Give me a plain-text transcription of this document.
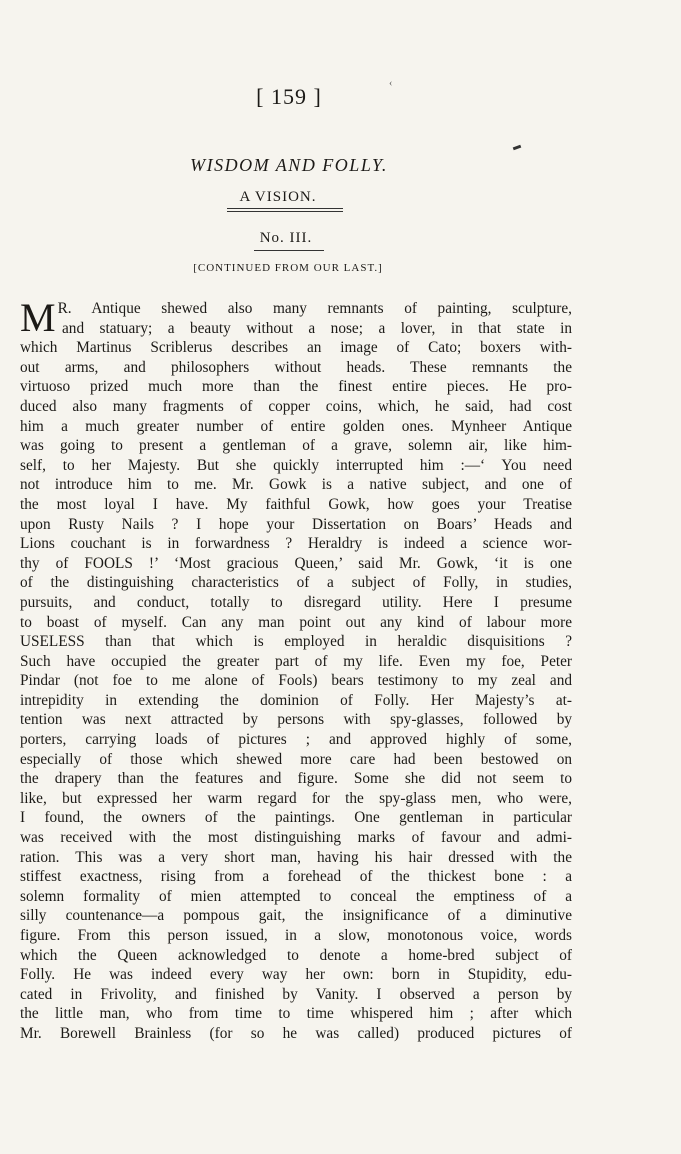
‹
[ 159 ]
WISDOM AND FOLLY.
A VISION.
No. III.
[CONTINUED FROM OUR LAST.]
M R. Antique shewed also many remnants of painting, sculpture,
and statuary; a beauty without a nose; a lover, in that state in
which Martinus Scriblerus describes an image of Cato; boxers with-
out arms, and philosophers without heads. These remnants the
virtuoso prized much more than the finest entire pieces. He pro-
duced also many fragments of copper coins, which, he said, had cost
him a much greater number of entire golden ones. Mynheer Antique
was going to present a gentleman of a grave, solemn air, like him-
self, to her Majesty. But she quickly interrupted him :—‘ You need
not introduce him to me. Mr. Gowk is a native subject, and one of
the most loyal I have. My faithful Gowk, how goes your Treatise
upon Rusty Nails ? I hope your Dissertation on Boars’ Heads and
Lions couchant is in forwardness ? Heraldry is indeed a science wor-
thy of FOOLS !’ ‘Most gracious Queen,’ said Mr. Gowk, ‘it is one
of the distinguishing characteristics of a subject of Folly, in studies,
pursuits, and conduct, totally to disregard utility. Here I presume
to boast of myself. Can any man point out any kind of labour more
USELESS than that which is employed in heraldic disquisitions ?
Such have occupied the greater part of my life. Even my foe, Peter
Pindar (not foe to me alone of Fools) bears testimony to my zeal and
intrepidity in extending the dominion of Folly. Her Majesty’s at-
tention was next attracted by persons with spy-glasses, followed by
porters, carrying loads of pictures ; and approved highly of some,
especially of those which shewed more care had been bestowed on
the drapery than the features and figure. Some she did not seem to
like, but expressed her warm regard for the spy-glass men, who were,
I found, the owners of the paintings. One gentleman in particular
was received with the most distinguishing marks of favour and admi-
ration. This was a very short man, having his hair dressed with the
stiffest exactness, rising from a forehead of the thickest bone : a
solemn formality of mien attempted to conceal the emptiness of a
silly countenance—a pompous gait, the insignificance of a diminutive
figure. From this person issued, in a slow, monotonous voice, words
which the Queen acknowledged to denote a home-bred subject of
Folly. He was indeed every way her own: born in Stupidity, edu-
cated in Frivolity, and finished by Vanity. I observed a person by
the little man, who from time to time whispered him ; after which
Mr. Borewell Brainless (for so he was called) produced pictures of
